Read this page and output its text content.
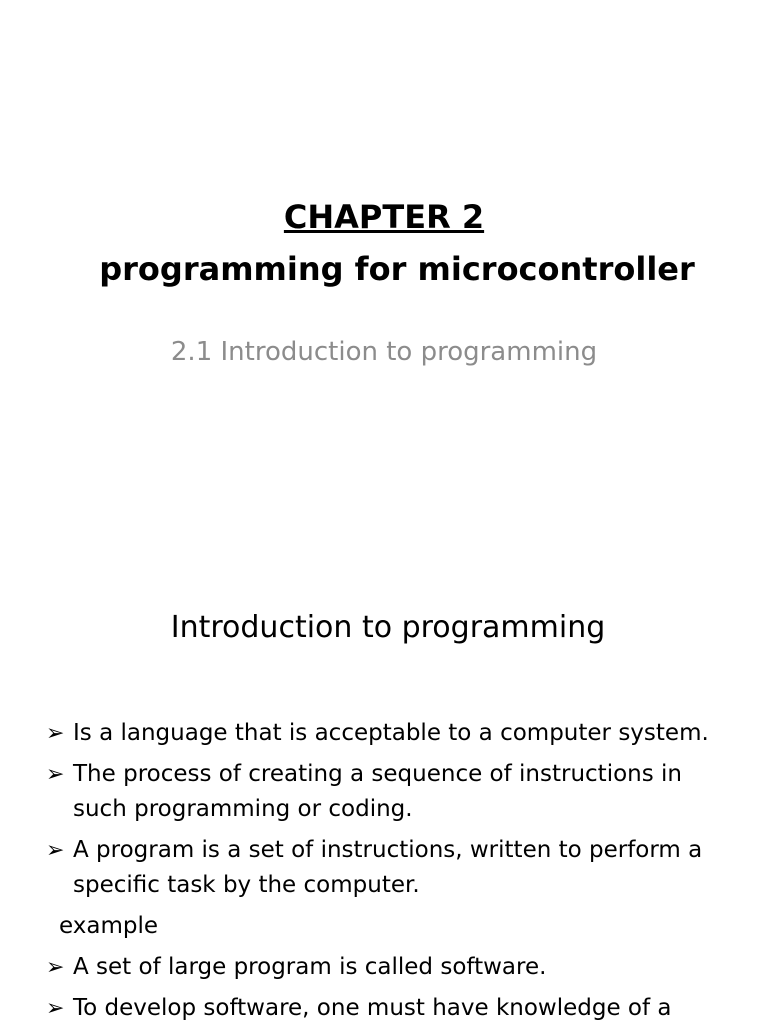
CHAPTER 2
programming for microcontroller
2.1 Introduction to programming
Introduction to programming
➢ Is a language that is acceptable to a computer system.
➢ The process of creating a sequence of instructions in such programming or coding.
➢ A program is a set of instructions, written to perform a specific task by the computer.
example
➢ A set of large program is called software.
➢ To develop software, one must have knowledge of a
